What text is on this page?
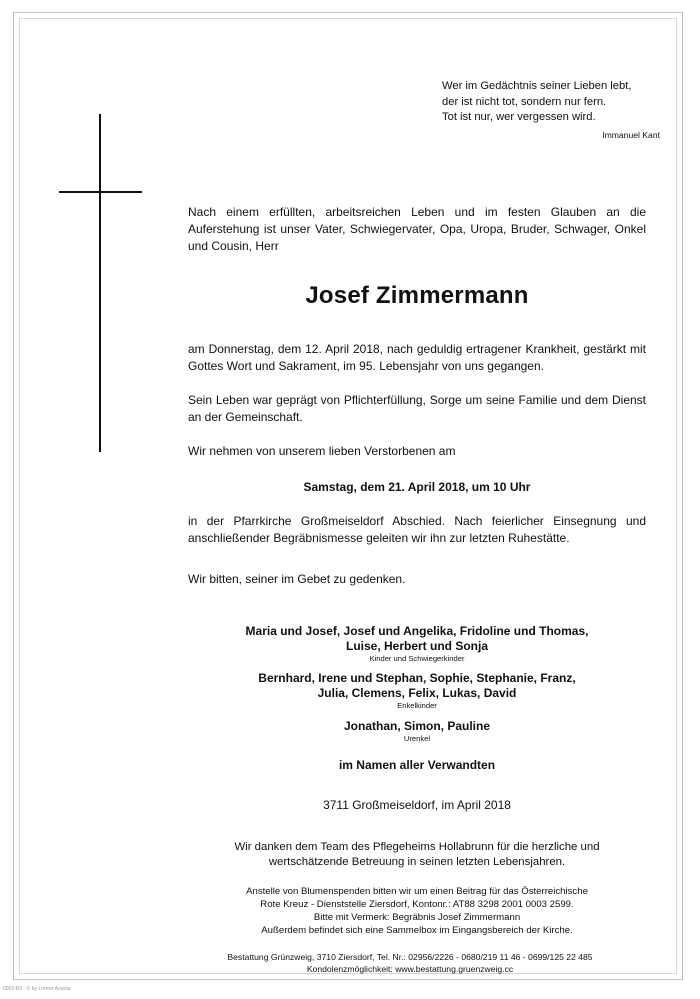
Wer im Gedächtnis seiner Lieben lebt,
der ist nicht tot, sondern nur fern.
Tot ist nur, wer vergessen wird.
Immanuel Kant
Nach einem erfüllten, arbeitsreichen Leben und im festen Glauben an die Auferstehung ist unser Vater, Schwiegervater, Opa, Uropa, Bruder, Schwager, Onkel und Cousin, Herr
Josef Zimmermann
am Donnerstag, dem 12. April 2018, nach geduldig ertragener Krankheit, gestärkt mit Gottes Wort und Sakrament, im 95. Lebensjahr von uns gegangen.
Sein Leben war geprägt von Pflichterfüllung, Sorge um seine Familie und dem Dienst an der Gemeinschaft.
Wir nehmen von unserem lieben Verstorbenen am
Samstag, dem 21. April 2018, um 10 Uhr
in der Pfarrkirche Großmeiseldorf Abschied. Nach feierlicher Einsegnung und anschließender Begräbnismesse geleiten wir ihn zur letzten Ruhestätte.
Wir bitten, seiner im Gebet zu gedenken.
Maria und Josef, Josef und Angelika, Fridoline und Thomas,
Luise, Herbert und Sonja
Kinder und Schwiegerkinder
Bernhard, Irene und Stephan, Sophie, Stephanie, Franz,
Julia, Clemens, Felix, Lukas, David
Enkelkinder
Jonathan, Simon, Pauline
Urenkel
im Namen aller Verwandten
3711 Großmeiseldorf, im April 2018
Wir danken dem Team des Pflegeheims Hollabrunn für die herzliche und
wertschätzende Betreuung in seinen letzten Lebensjahren.
Anstelle von Blumenspenden bitten wir um einen Beitrag für das Österreichische
Rote Kreuz - Dienststelle Ziersdorf, Kontonr.: AT88 3298 2001 0003 2599.
Bitte mit Vermerk: Begräbnis Josef Zimmermann
Außerdem befindet sich eine Sammelbox im Eingangsbereich der Kirche.
Bestattung Grünzweig, 3710 Ziersdorf, Tel. Nr.: 02956/2226 - 0680/219 11 46 - 0699/125 22 485
Kondolenzmöglichkeit: www.bestattung.gruenzweig.cc
0002-R3 · © by Lorenz Austria
